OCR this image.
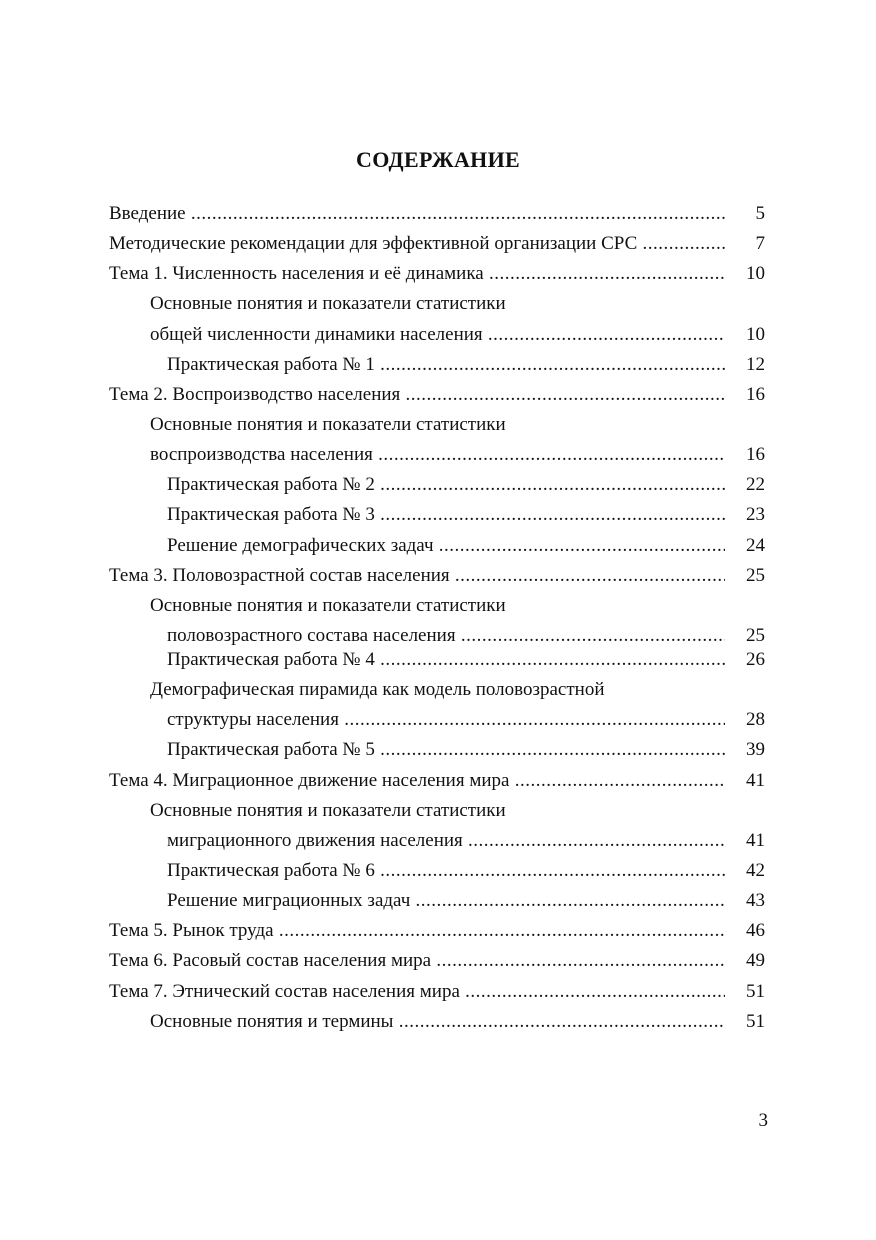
СОДЕРЖАНИЕ
Введение .....	5
Методические рекомендации для эффективной организации СРС .....	7
Тема 1. Численность населения и её динамика .....	10
Основные понятия и показатели статистики
общей численности динамики населения .....	10
Практическая работа № 1 .....	12
Тема 2. Воспроизводство населения .....	16
Основные понятия и показатели статистики
воспроизводства населения .....	16
Практическая работа № 2 .....	22
Практическая работа № 3 .....	23
Решение демографических задач .....	24
Тема 3. Половозрастной состав населения .....	25
Основные понятия и показатели статистики
половозрастного состава населения .....	25
Практическая работа № 4 .....	26
Демографическая пирамида как модель половозрастной
структуры населения .....	28
Практическая работа № 5 .....	39
Тема 4. Миграционное движение населения мира .....	41
Основные понятия и показатели статистики
миграционного движения населения .....	41
Практическая работа № 6 .....	42
Решение миграционных задач .....	43
Тема 5. Рынок труда .....	46
Тема 6. Расовый состав населения мира .....	49
Тема 7. Этнический состав населения мира .....	51
Основные понятия и термины .....	51
3
